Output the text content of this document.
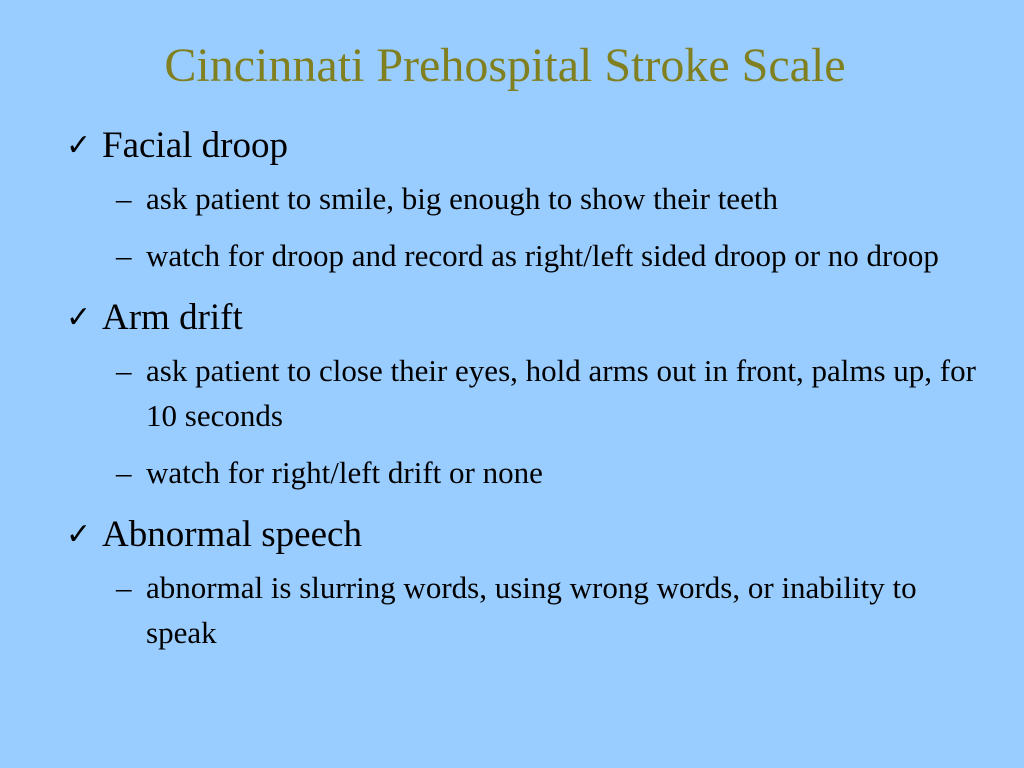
Cincinnati Prehospital Stroke Scale
✓ Facial droop
– ask patient to smile, big enough to show their teeth
– watch for droop and record as right/left sided droop or no droop
✓ Arm drift
– ask patient to close their eyes, hold arms out in front, palms up, for 10 seconds
– watch for right/left drift or none
✓ Abnormal speech
– abnormal is slurring words, using wrong words, or inability to speak
